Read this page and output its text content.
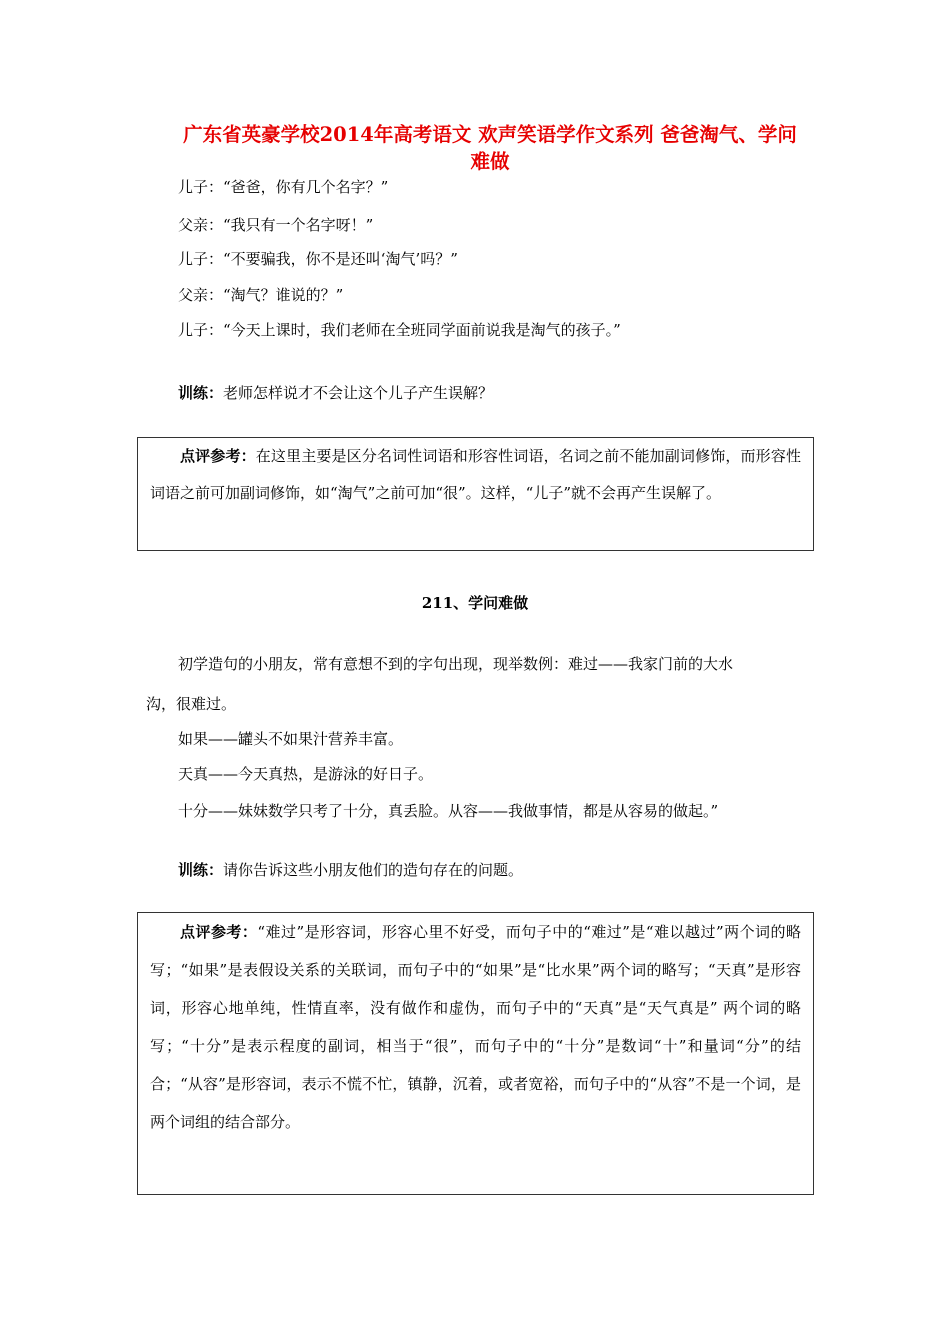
广东省英豪学校2014年高考语文 欢声笑语学作文系列 爸爸淘气、学问难做
儿子：“爸爸，你有几个名字？”
父亲：“我只有一个名字呀！”
儿子：“不要骗我，你不是还叫‘淘气’吗？”
父亲：“淘气？谁说的？”
儿子：“今天上课时，我们老师在全班同学面前说我是淘气的孩子。”
训练：老师怎样说才不会让这个儿子产生误解？

点评参考：在这里主要是区分名词性词语和形容性词语，名词之前不能加副词修饰，而形容性词语之前可加副词修饰，如“淘气”之前可加“很”。这样，“儿子”就不会再产生误解了。

211、学问难做
初学造句的小朋友，常有意想不到的字句出现，现举数例：难过——我家门前的大水
沟，很难过。
如果——罐头不如果汁营养丰富。
天真——今天真热，是游泳的好日子。
十分——妹妹数学只考了十分，真丢脸。从容——我做事情，都是从容易的做起。”
训练：请你告诉这些小朋友他们的造句存在的问题。

点评参考：“难过”是形容词，形容心里不好受，而句子中的“难过”是“难以越过”两个词的略写；“如果”是表假设关系的关联词，而句子中的“如果”是“比水果”两个词的略写；“天真”是形容词，形容心地单纯，性情直率，没有做作和虚伪，而句子中的“天真”是“天气真是” 两个词的略写；“十分”是表示程度的副词，相当于“很”，而句子中的“十分”是数词“十”和量词“分”的结合；“从容”是形容词，表示不慌不忙，镇静，沉着，或者宽裕，而句子中的“从容”不是一个词，是两个词组的结合部分。
